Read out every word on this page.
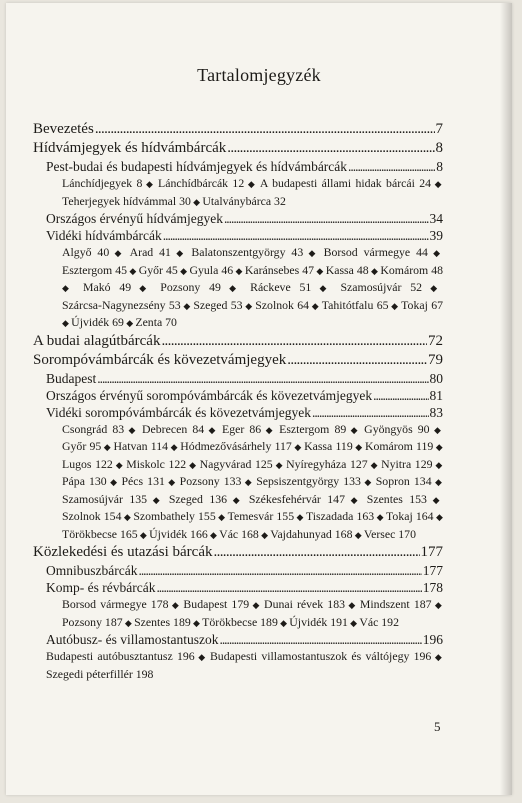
Tartalomjegyzék
Bevezetés . . .	7
Hídvámjegyek és hídvámbárcák . . .	8
Pest-budai és budapesti hídvámjegyek és hídvámbárcák . . .	8
Lánchídjegyek 8 ◆ Lánchídbárcák 12 ◆ A budapesti állami hidak bárcái 24 ◆ Teherjegyek hídvámmal 30 ◆ Utalványbárca 32
Országos érvényű hídvámjegyek . . .	34
Vidéki hídvámbárcák . . .	39
Algyő 40 ◆ Arad 41 ◆ Balatonszentgyörgy 43 ◆ Borsod vármegye 44 ◆ Esztergom 45 ◆ Győr 45 ◆ Gyula 46 ◆ Karánsebes 47 ◆ Kassa 48 ◆ Komárom 48 ◆ Makó 49 ◆ Pozsony 49 ◆ Ráckeve 51 ◆ Szamosújvár 52 ◆ Szárcsa-Nagynezsény 53 ◆ Szeged 53 ◆ Szolnok 64 ◆ Tahitótfalu 65 ◆ Tokaj 67 ◆ Újvidék 69 ◆ Zenta 70
A budai alagútbárcák . . .	72
Sorompóvámbárcák és kövezetvámjegyek . . .	79
Budapest . . .	80
Országos érvényű sorompóvámbárcák és kövezetvámjegyek . . .	81
Vidéki sorompóvámbárcák és kövezetvámjegyek . . .	83
Csongrád 83 ◆ Debrecen 84 ◆ Eger 86 ◆ Esztergom 89 ◆ Gyöngyös 90 ◆ Győr 95 ◆ Hatvan 114 ◆ Hódmezővásárhely 117 ◆ Kassa 119 ◆ Komárom 119 ◆ Lugos 122 ◆ Miskolc 122 ◆ Nagyvárad 125 ◆ Nyíregyháza 127 ◆ Nyitra 129 ◆ Pápa 130 ◆ Pécs 131 ◆ Pozsony 133 ◆ Sepsiszentgyörgy 133 ◆ Sopron 134 ◆ Szamosújvár 135 ◆ Szeged 136 ◆ Székesfehérvár 147 ◆ Szentes 153 ◆ Szolnok 154 ◆ Szombathely 155 ◆ Temesvár 155 ◆ Tiszadada 163 ◆ Tokaj 164 ◆ Törökbecse 165 ◆ Újvidék 166 ◆ Vác 168 ◆ Vajdahunyad 168 ◆ Versec 170
Közlekedési és utazási bárcák . . .	177
Omnibuszbárcák . . .	177
Komp- és révbárcák . . .	178
Borsod vármegye 178 ◆ Budapest 179 ◆ Dunai révek 183 ◆ Mindszent 187 ◆ Pozsony 187 ◆ Szentes 189 ◆ Törökbecse 189 ◆ Újvidék 191 ◆ Vác 192
Autóbusz- és villamostantuszok . . .	196
Budapesti autóbusztantusz 196 ◆ Budapesti villamostantuszok és váltójegy 196 ◆ Szegedi péterfillér 198
5
